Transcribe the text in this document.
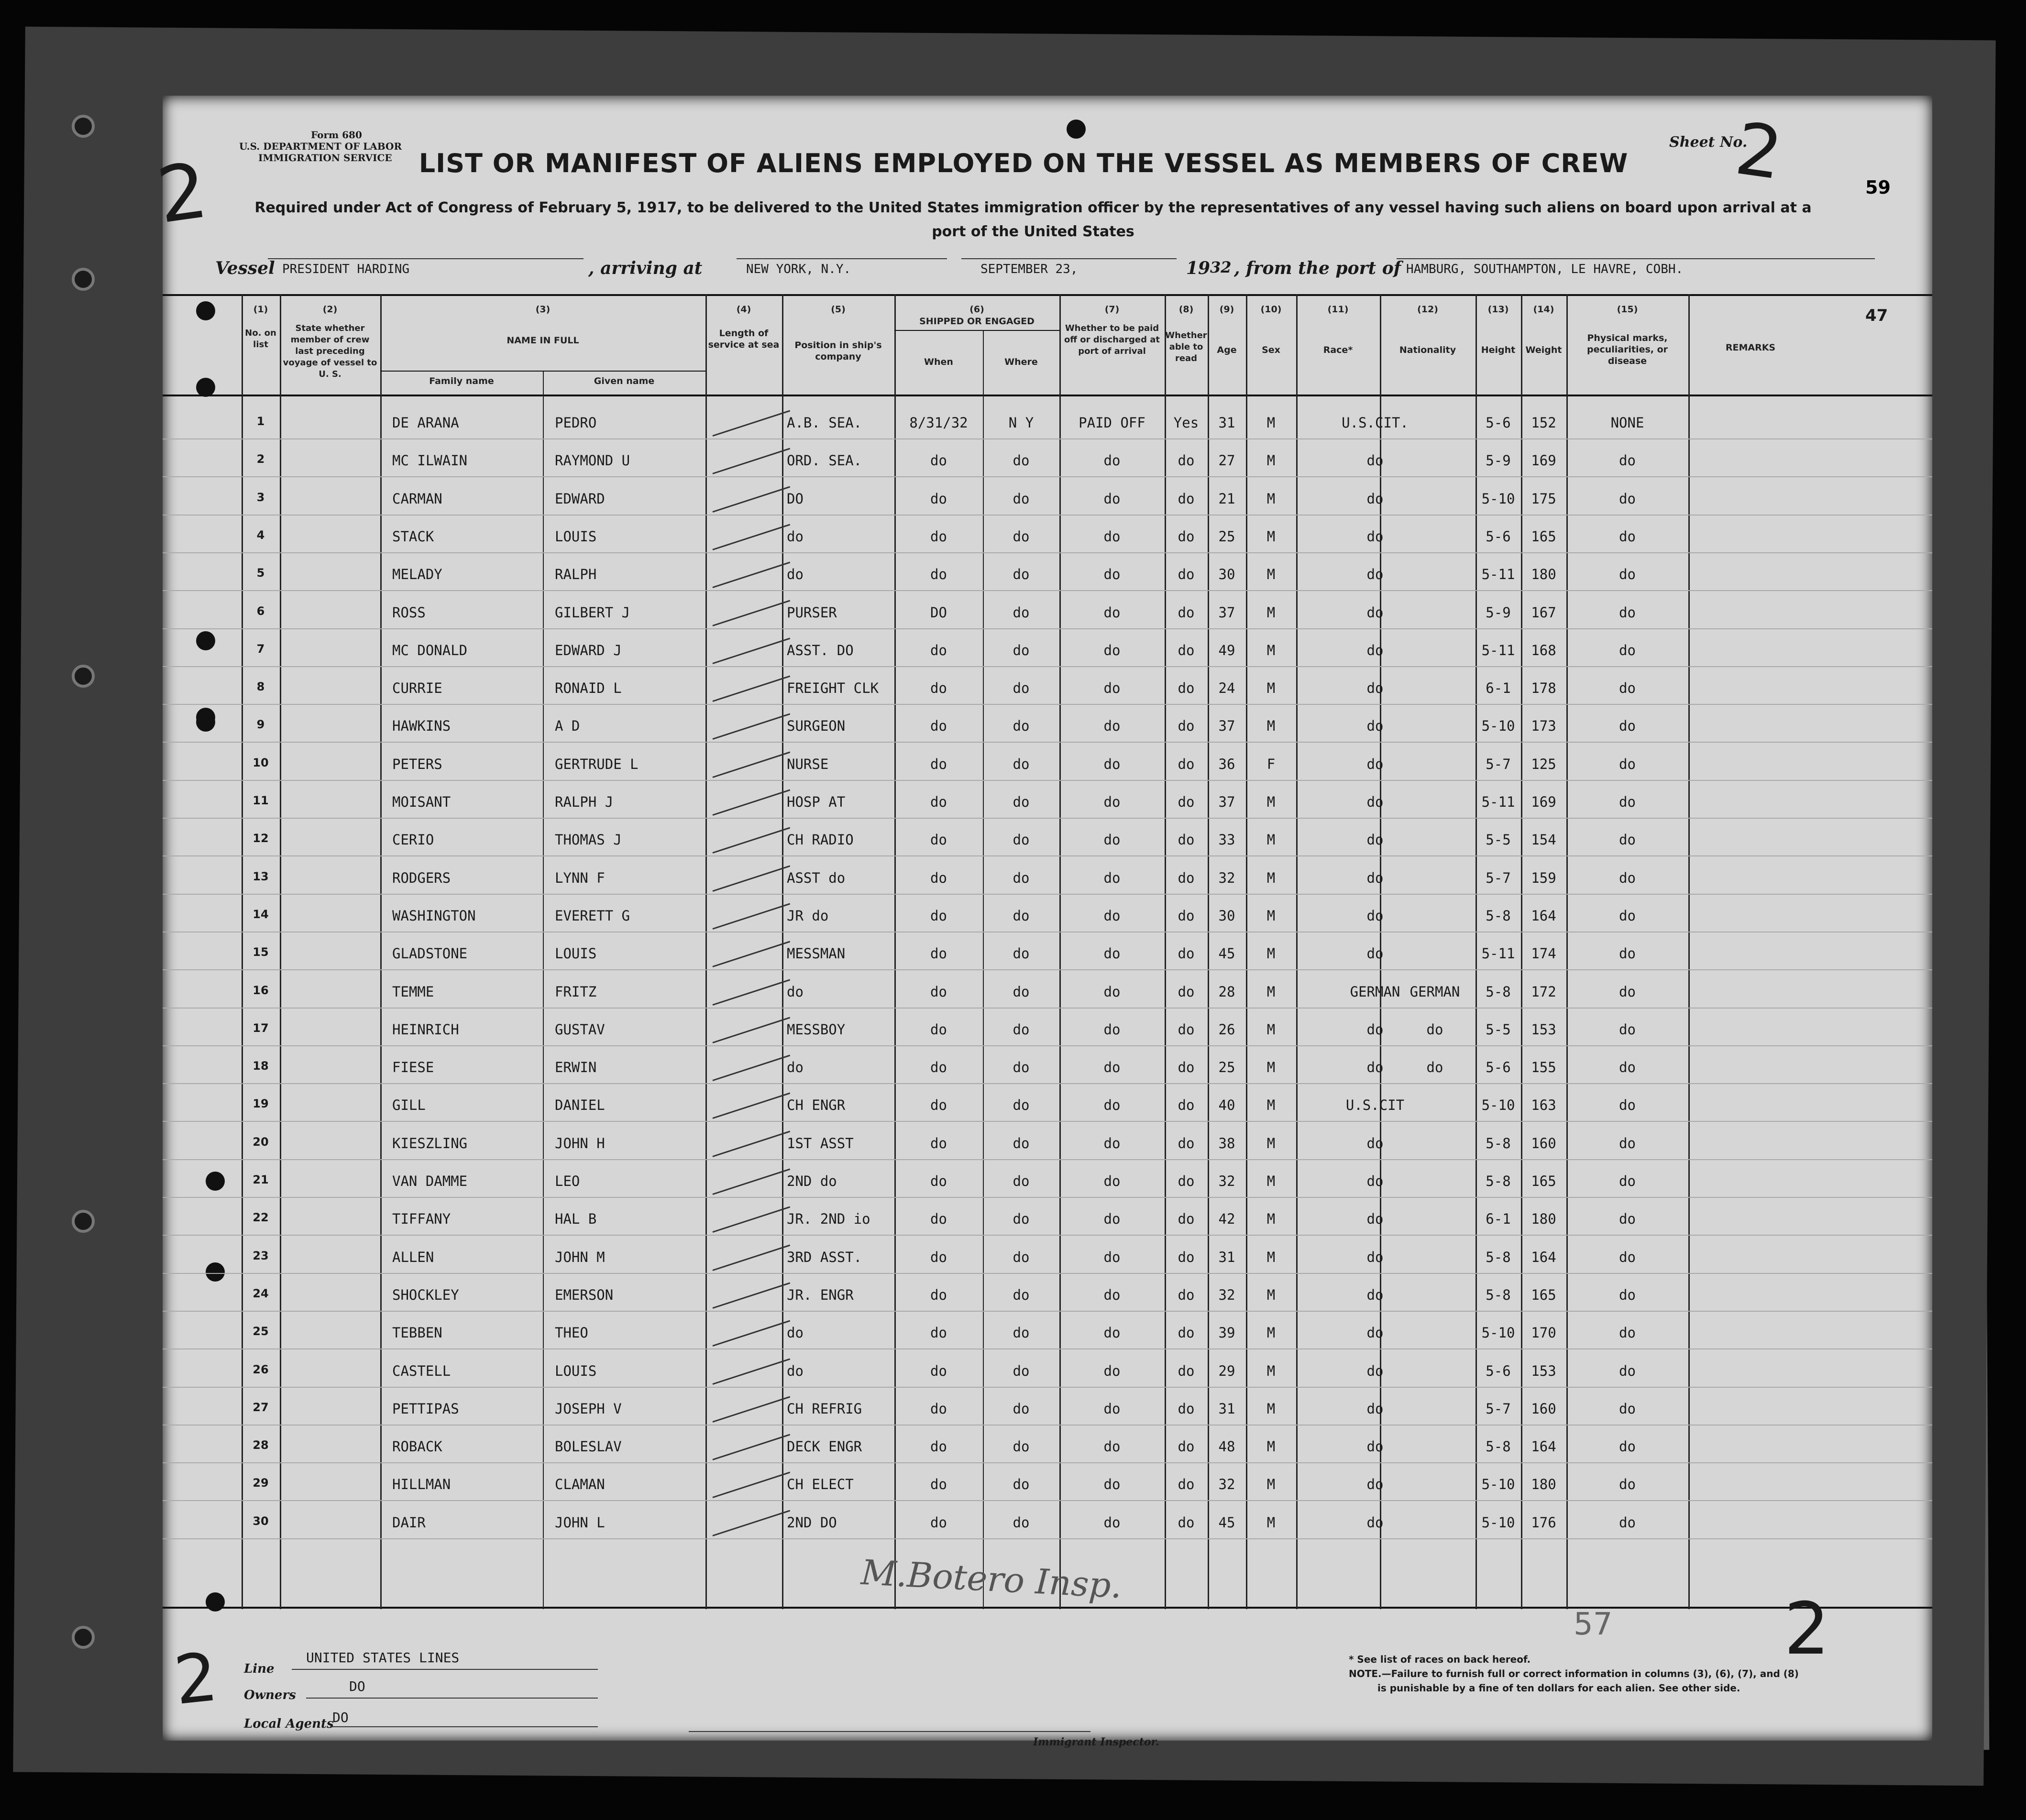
Form 680
U.S. DEPARTMENT OF LABOR
IMMIGRATION SERVICE
Sheet No.
2
LIST OR MANIFEST OF ALIENS EMPLOYED ON THE VESSEL AS MEMBERS OF CREW
Required under Act of Congress of February 5, 1917, to be delivered to the United States immigration officer by the representatives of any vessel having such aliens on board upon arrival at a
port of the United States
2
47
Vessel PRESIDENT HARDING	, arriving at	NEW YORK, N.Y.	SEPTEMBER 23,	19 32 , from the port of HAMBURG, SOUTHAMPTON, LE HAVRE, COBH.
(1)	(2)	(3)	(4)	(5)	(6)	(7)	(8)	(9)	(10)	(11)	(12)	(13)	(14)	(15)
No. on list
State whether member of crew last preceding voyage of vessel to U. S.
NAME IN FULL
Family name	Given name
Length of service at sea	Position in ship's company
SHIPPED OR ENGAGED
When	Where
Whether to be paid off or discharged at port of arrival
Whether able to read
Age	Sex	Race*	Nationality	Height	Weight
Physical marks, peculiarities, or disease
REMARKS
1	DE ARANA	PEDRO	A.B. SEA.	8/31/32	N Y	PAID OFF	Yes	31	M	U.S.CIT.	5-6	152	NONE
2	MC ILWAIN	RAYMOND U	ORD. SEA.	do	do	do	do	27	M	do	5-9	169	do
3	CARMAN	EDWARD	DO	do	do	do	do	21	M	do	5-10	175	do
4	STACK	LOUIS	do	do	do	do	do	25	M	do	5-6	165	do
5	MELADY	RALPH	do	do	do	do	do	30	M	do	5-11	180	do
6	ROSS	GILBERT J	PURSER	DO	do	do	do	37	M	do	5-9	167	do
7	MC DONALD	EDWARD J	ASST. DO	do	do	do	do	49	M	do	5-11	168	do
8	CURRIE	RONAID L	FREIGHT CLK	do	do	do	do	24	M	do	6-1	178	do
9	HAWKINS	A D	SURGEON	do	do	do	do	37	M	do	5-10	173	do
10	PETERS	GERTRUDE L	NURSE	do	do	do	do	36	F	do	5-7	125	do
11	MOISANT	RALPH J	HOSP AT	do	do	do	do	37	M	do	5-11	169	do
12	CERIO	THOMAS J	CH RADIO	do	do	do	do	33	M	do	5-5	154	do
13	RODGERS	LYNN F	ASST do	do	do	do	do	32	M	do	5-7	159	do
14	WASHINGTON	EVERETT G	JR do	do	do	do	do	30	M	do	5-8	164	do
15	GLADSTONE	LOUIS	MESSMAN	do	do	do	do	45	M	do	5-11	174	do
16	TEMME	FRITZ	do	do	do	do	do	28	M	GERMAN GERMAN	5-8	172	do
17	HEINRICH	GUSTAV	MESSBOY	do	do	do	do	26	M	do	do	5-5	153	do
18	FIESE	ERWIN	do	do	do	do	do	25	M	do	do	5-6	155	do
19	GILL	DANIEL	CH ENGR	do	do	do	do	40	M	U.S.CIT	5-10	163	do
20	KIESZLING	JOHN H	1ST ASST	do	do	do	do	38	M	do	5-8	160	do
21	VAN DAMME	LEO	2ND do	do	do	do	do	32	M	do	5-8	165	do
22	TIFFANY	HAL B	JR. 2ND io	do	do	do	do	42	M	do	6-1	180	do
23	ALLEN	JOHN M	3RD ASST.	do	do	do	do	31	M	do	5-8	164	do
24	SHOCKLEY	EMERSON	JR. ENGR	do	do	do	do	32	M	do	5-8	165	do
25	TEBBEN	THEO	do	do	do	do	do	39	M	do	5-10	170	do
26	CASTELL	LOUIS	do	do	do	do	do	29	M	do	5-6	153	do
27	PETTIPAS	JOSEPH V	CH REFRIG	do	do	do	do	31	M	do	5-7	160	do
28	ROBACK	BOLESLAV	DECK ENGR	do	do	do	do	48	M	do	5-8	164	do
29	HILLMAN	CLAMAN	CH ELECT	do	do	do	do	32	M	do	5-10	180	do
30	DAIR	JOHN L	2ND DO	do	do	do	do	45	M	do	5-10	176	do
Line
UNITED STATES LINES
Owners
DO
Local Agents
DO
Immigrant Inspector.
M.Botero Insp.
* See list of races on back hereof.
NOTE.—Failure to furnish full or correct information in columns (3), (6), (7), and (8)
is punishable by a fine of ten dollars for each alien. See other side.
2
2
57
59
